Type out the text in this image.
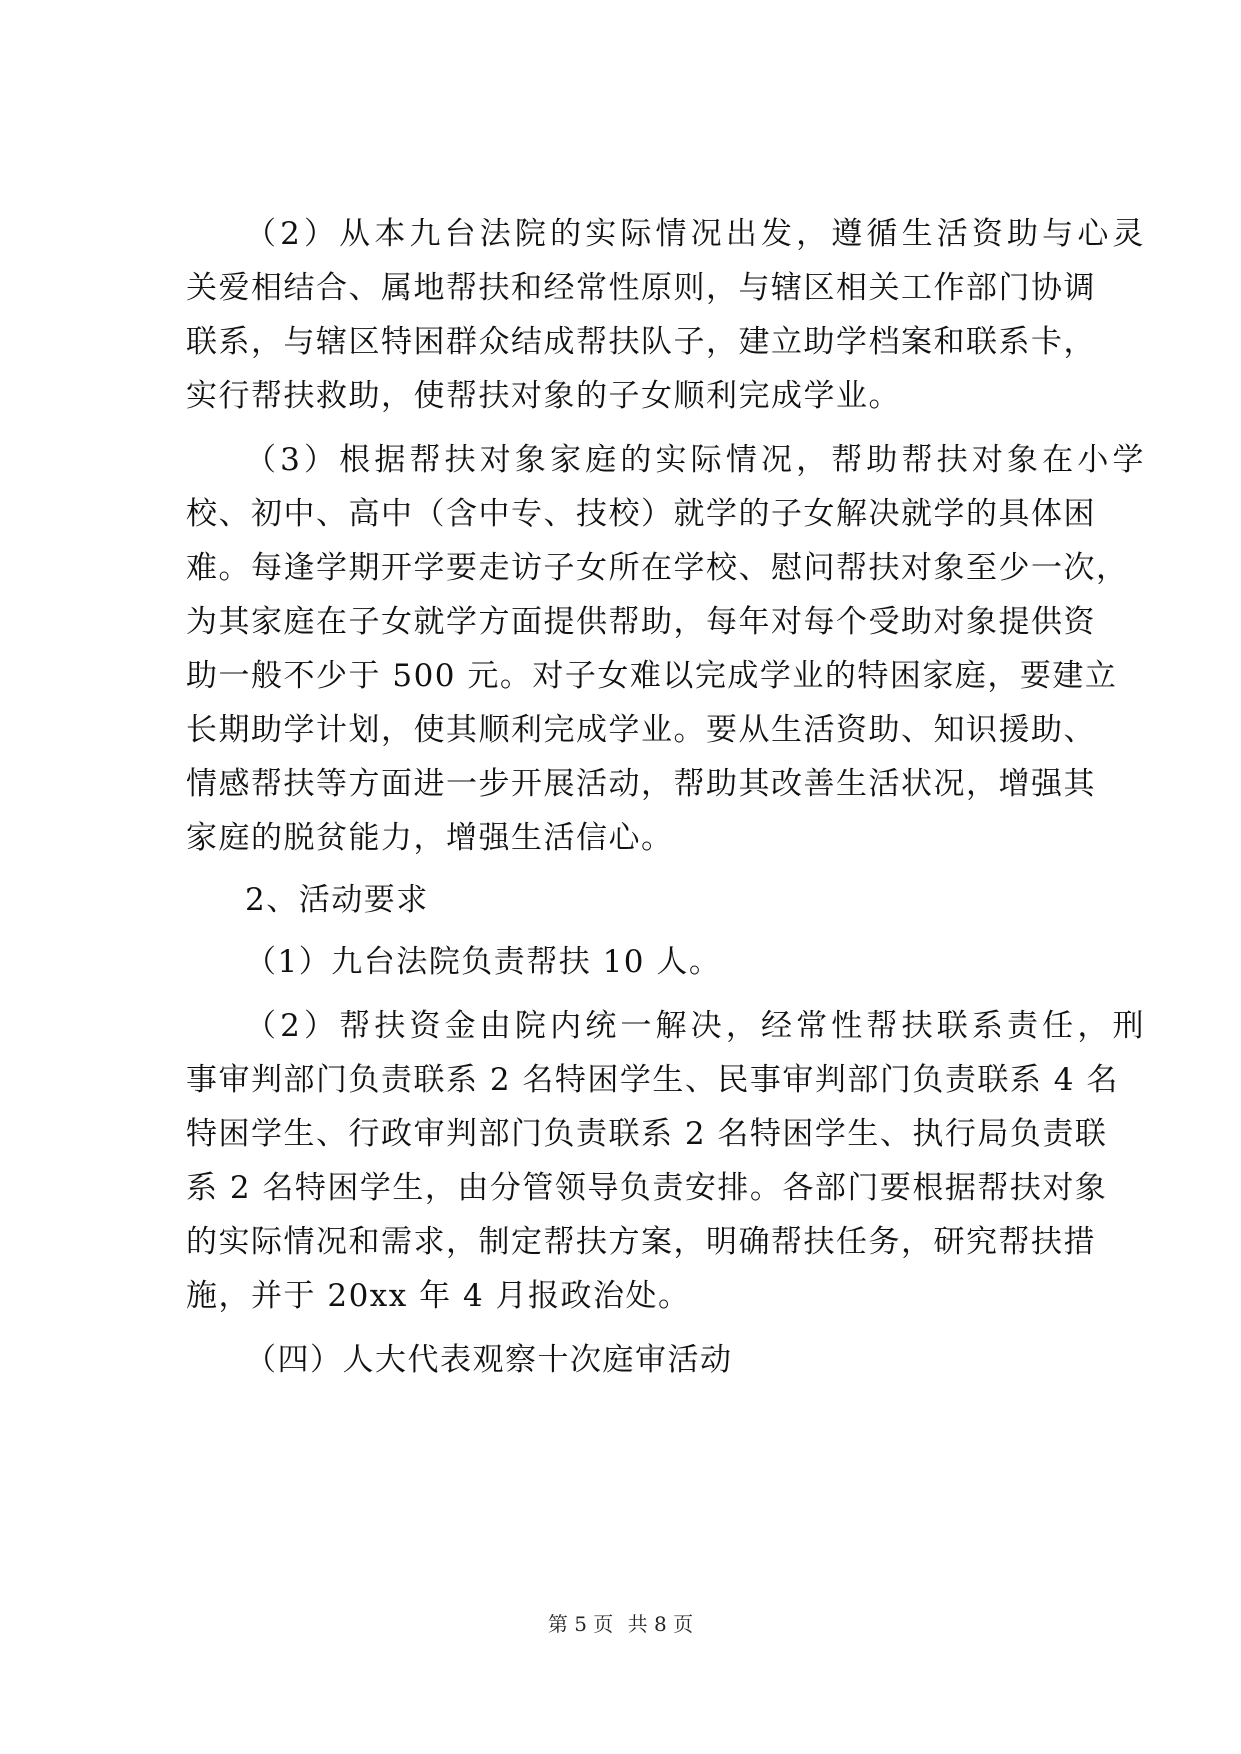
（2）从本九台法院的实际情况出发，遵循生活资助与心灵
关爱相结合、属地帮扶和经常性原则，与辖区相关工作部门协调
联系，与辖区特困群众结成帮扶队子，建立助学档案和联系卡，
实行帮扶救助，使帮扶对象的子女顺利完成学业。
（3）根据帮扶对象家庭的实际情况，帮助帮扶对象在小学
校、初中、高中（含中专、技校）就学的子女解决就学的具体困
难。每逢学期开学要走访子女所在学校、慰问帮扶对象至少一次，
为其家庭在子女就学方面提供帮助，每年对每个受助对象提供资
助一般不少于 500 元。对子女难以完成学业的特困家庭，要建立
长期助学计划，使其顺利完成学业。要从生活资助、知识援助、
情感帮扶等方面进一步开展活动，帮助其改善生活状况，增强其
家庭的脱贫能力，增强生活信心。
2、活动要求
（1）九台法院负责帮扶 10 人。
（2）帮扶资金由院内统一解决，经常性帮扶联系责任，刑
事审判部门负责联系 2 名特困学生、民事审判部门负责联系 4 名
特困学生、行政审判部门负责联系 2 名特困学生、执行局负责联
系 2 名特困学生，由分管领导负责安排。各部门要根据帮扶对象
的实际情况和需求，制定帮扶方案，明确帮扶任务，研究帮扶措
施，并于 20xx 年 4 月报政治处。
（四）人大代表观察十次庭审活动
第 5 页 共 8 页
